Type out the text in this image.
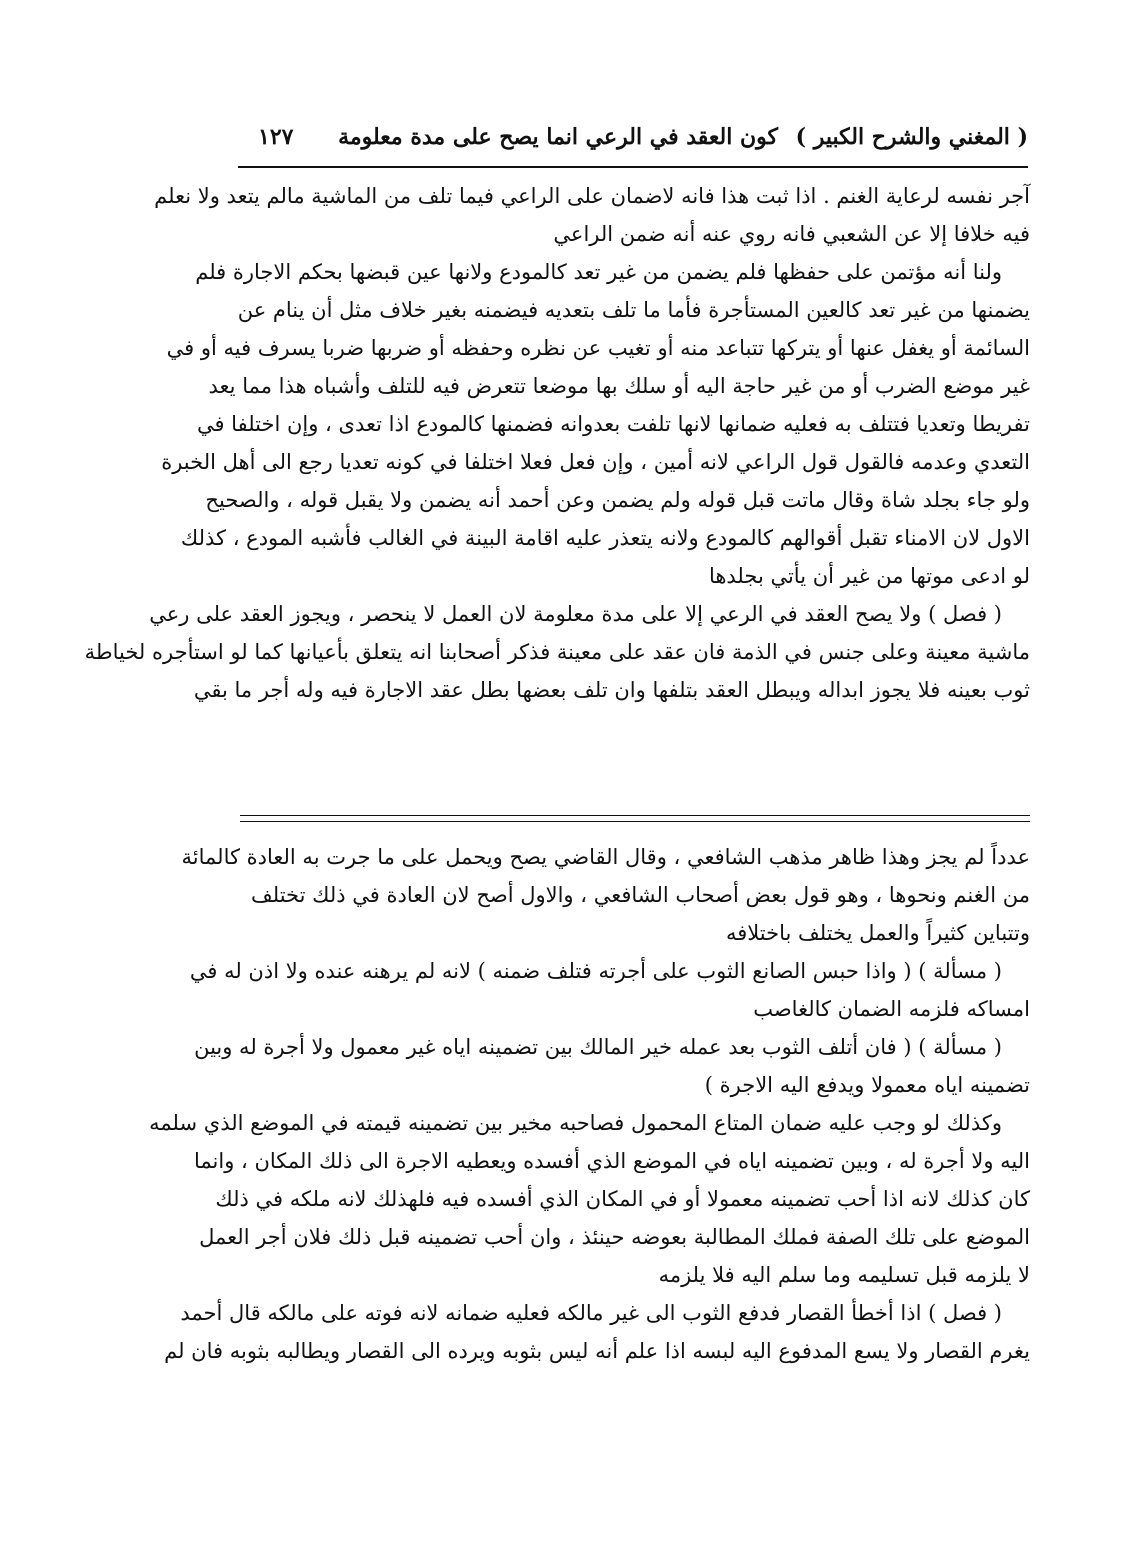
( المغني والشرح الكبير )
كون العقد في الرعي انما يصح على مدة معلومة
١٢٧
آجر نفسه لرعاية الغنم . اذا ثبت هذا فانه لاضمان على الراعي فيما تلف من الماشية مالم يتعد ولا نعلم
فيه خلافا إلا عن الشعبي فانه روي عنه أنه ضمن الراعي
ولنا أنه مؤتمن على حفظها فلم يضمن من غير تعد كالمودع ولانها عين قبضها بحكم الاجارة فلم
يضمنها من غير تعد كالعين المستأجرة فأما ما تلف بتعديه فيضمنه بغير خلاف مثل أن ينام عن
السائمة أو يغفل عنها أو يتركها تتباعد منه أو تغيب عن نظره وحفظه أو ضربها ضربا يسرف فيه أو في
غير موضع الضرب أو من غير حاجة اليه أو سلك بها موضعا تتعرض فيه للتلف وأشباه هذا مما يعد
تفريطا وتعديا فتتلف به فعليه ضمانها لانها تلفت بعدوانه فضمنها كالمودع اذا تعدى ، وإن اختلفا في
التعدي وعدمه فالقول قول الراعي لانه أمين ، وإن فعل فعلا اختلفا في كونه تعديا رجع الى أهل الخبرة
ولو جاء بجلد شاة وقال ماتت قبل قوله ولم يضمن وعن أحمد أنه يضمن ولا يقبل قوله ، والصحيح
الاول لان الامناء تقبل أقوالهم كالمودع ولانه يتعذر عليه اقامة البينة في الغالب فأشبه المودع ، كذلك
لو ادعى موتها من غير أن يأتي بجلدها
( فصل ) ولا يصح العقد في الرعي إلا على مدة معلومة لان العمل لا ينحصر ، ويجوز العقد على رعي
ماشية معينة وعلى جنس في الذمة فان عقد على معينة فذكر أصحابنا انه يتعلق بأعيانها كما لو استأجره لخياطة
ثوب بعينه فلا يجوز ابداله ويبطل العقد بتلفها وان تلف بعضها بطل عقد الاجارة فيه وله أجر ما بقي
عدداً لم يجز وهذا ظاهر مذهب الشافعي ، وقال القاضي يصح ويحمل على ما جرت به العادة كالمائة
من الغنم ونحوها ، وهو قول بعض أصحاب الشافعي ، والاول أصح لان العادة في ذلك تختلف
وتتباين كثيراً والعمل يختلف باختلافه
( مسألة ) ( واذا حبس الصانع الثوب على أجرته فتلف ضمنه ) لانه لم يرهنه عنده ولا اذن له في
امساكه فلزمه الضمان كالغاصب
( مسألة ) ( فان أتلف الثوب بعد عمله خير المالك بين تضمينه اياه غير معمول ولا أجرة له وبين
تضمينه اياه معمولا ويدفع اليه الاجرة )
وكذلك لو وجب عليه ضمان المتاع المحمول فصاحبه مخير بين تضمينه قيمته في الموضع الذي سلمه
اليه ولا أجرة له ، وبين تضمينه اياه في الموضع الذي أفسده ويعطيه الاجرة الى ذلك المكان ، وانما
كان كذلك لانه اذا أحب تضمينه معمولا أو في المكان الذي أفسده فيه فلهذلك لانه ملكه في ذلك
الموضع على تلك الصفة فملك المطالبة بعوضه حينئذ ، وان أحب تضمينه قبل ذلك فلان أجر العمل
لا يلزمه قبل تسليمه وما سلم اليه فلا يلزمه
( فصل ) اذا أخطأ القصار فدفع الثوب الى غير مالكه فعليه ضمانه لانه فوته على مالكه قال أحمد
يغرم القصار ولا يسع المدفوع اليه لبسه اذا علم أنه ليس بثوبه ويرده الى القصار ويطالبه بثوبه فان لم
